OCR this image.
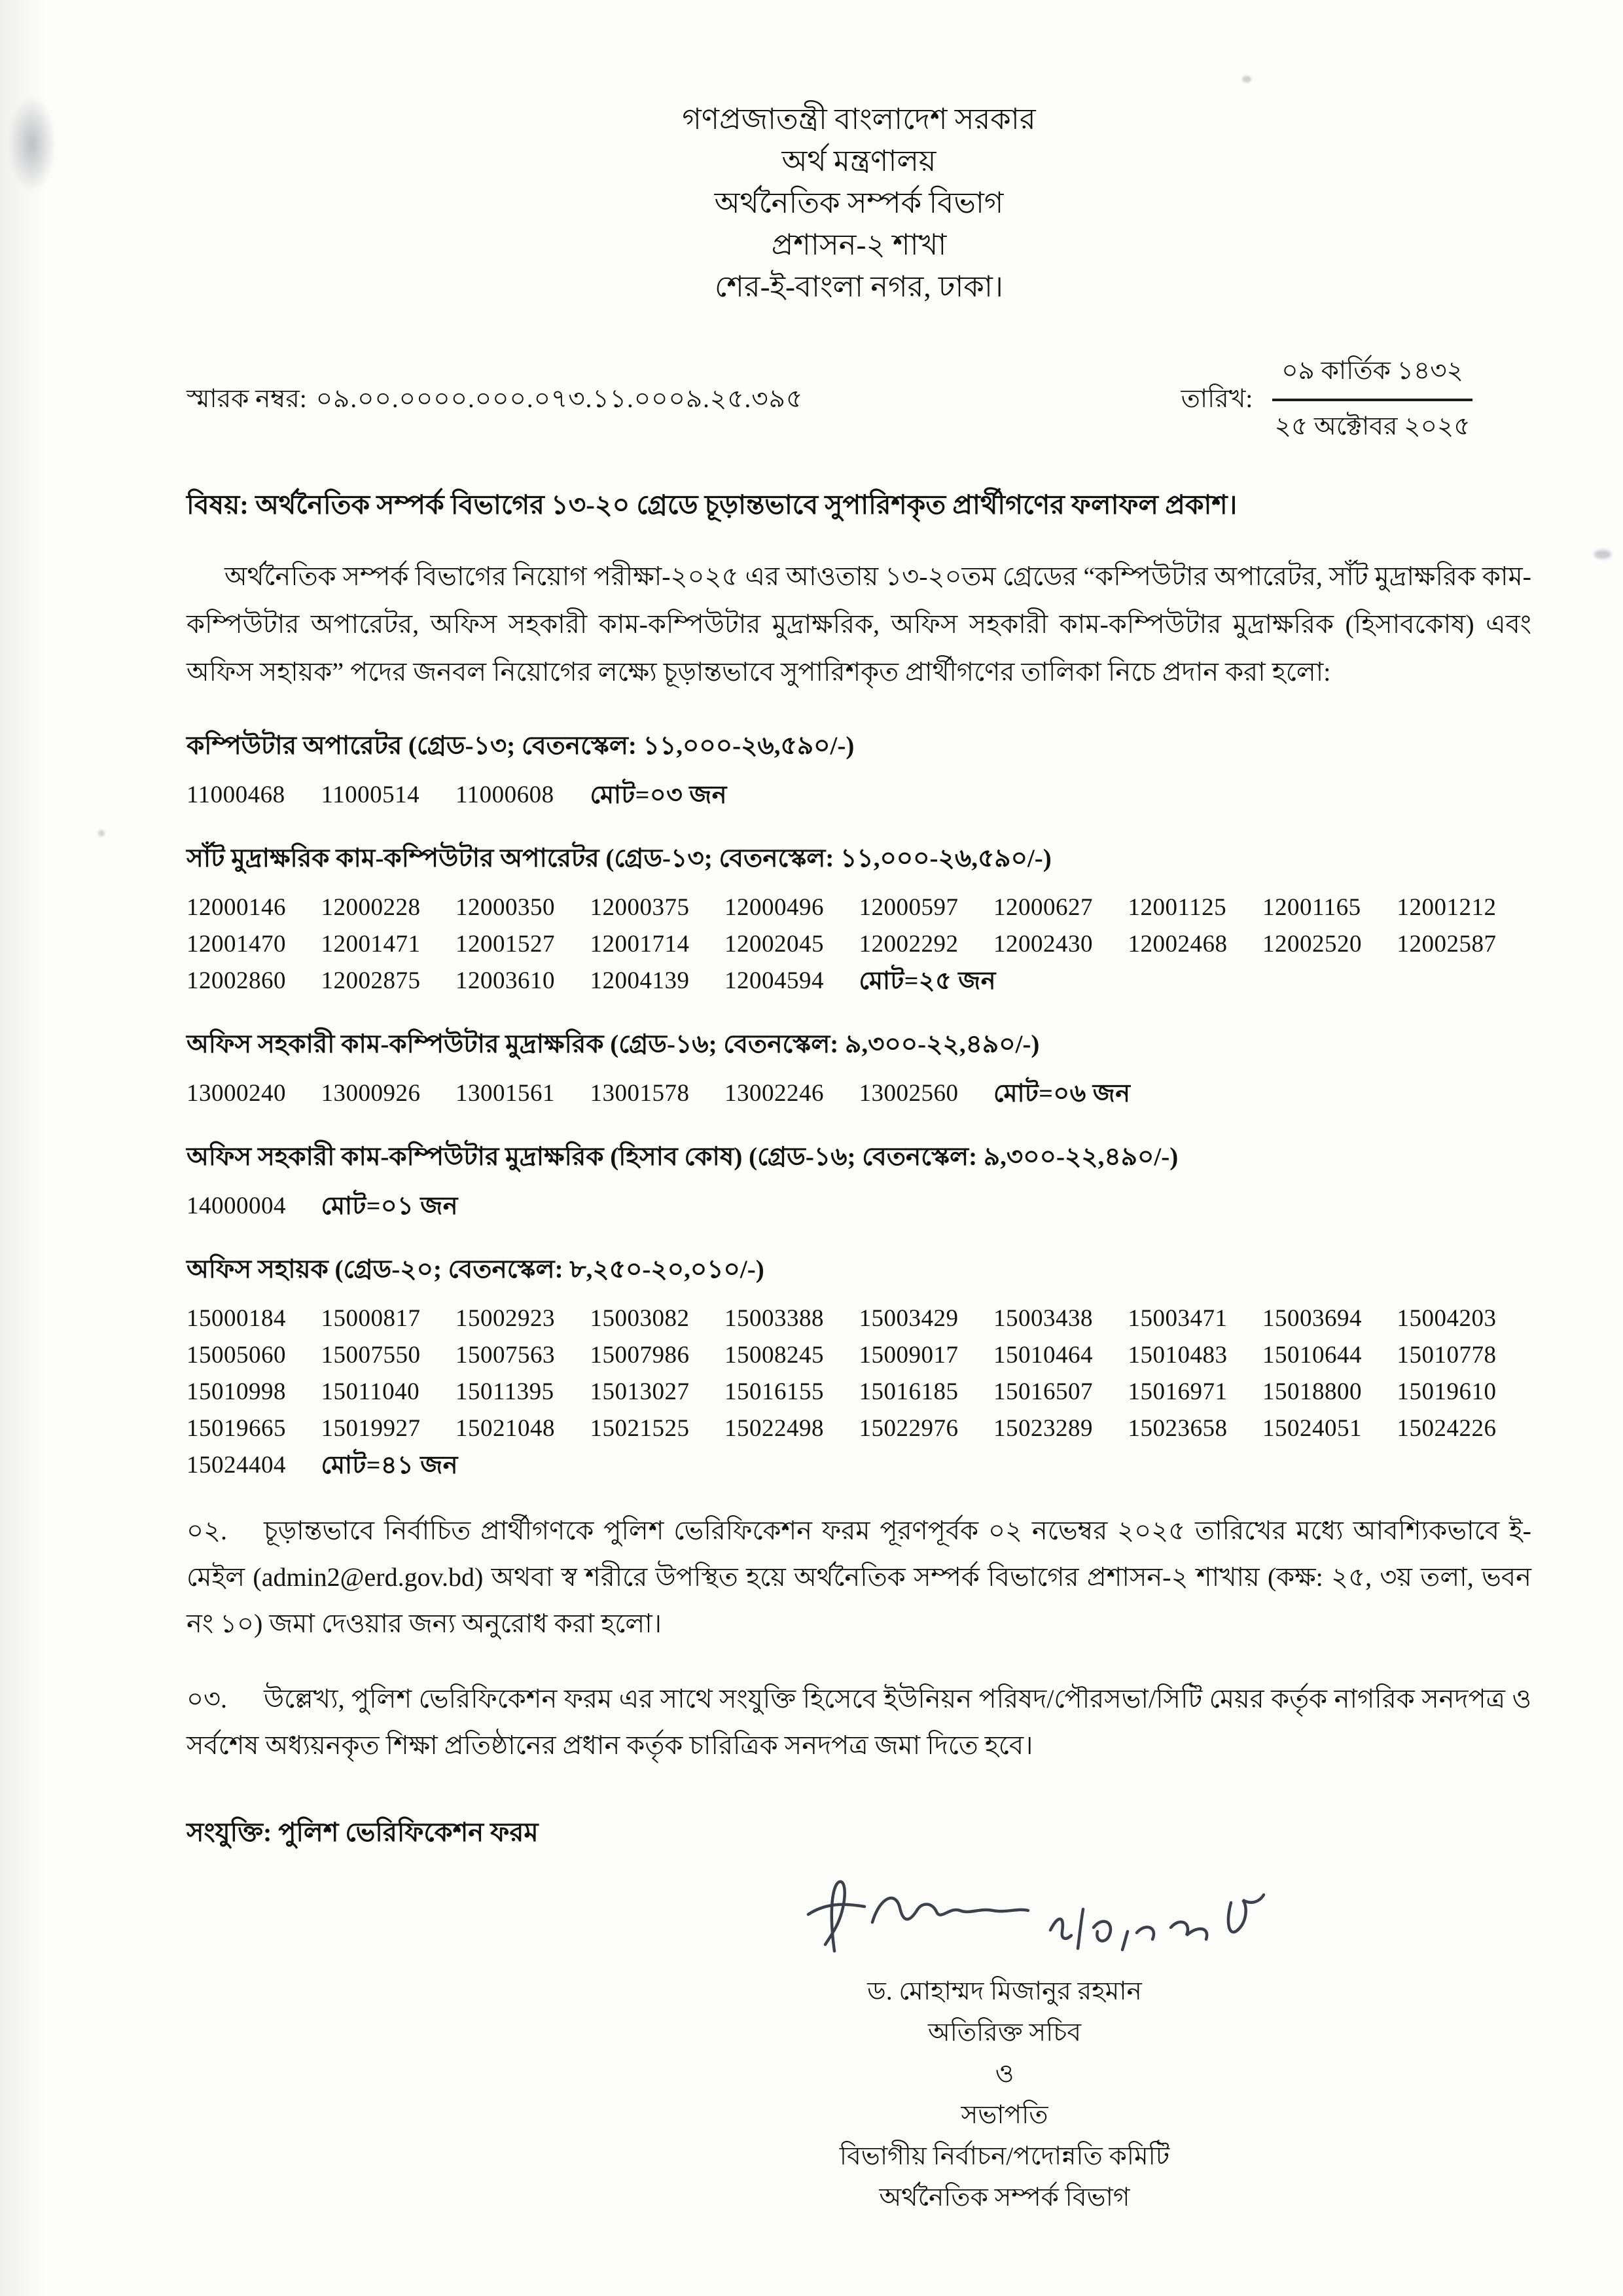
গণপ্রজাতন্ত্রী বাংলাদেশ সরকার
অর্থ মন্ত্রণালয়
অর্থনৈতিক সম্পর্ক বিভাগ
প্রশাসন-২ শাখা
শের-ই-বাংলা নগর, ঢাকা।
স্মারক নম্বর: ০৯.০০.০০০০.০০০.০৭৩.১১.০০০৯.২৫.৩৯৫	তারিখ: $\frac{\text{০৯ কার্তিক ১৪৩২}}{\text{২৫ অক্টোবর ২০২৫}}$
বিষয়: অর্থনৈতিক সম্পর্ক বিভাগের ১৩-২০ গ্রেডে চূড়ান্তভাবে সুপারিশকৃত প্রার্থীগণের ফলাফল প্রকাশ।

অর্থনৈতিক সম্পর্ক বিভাগের নিয়োগ পরীক্ষা-২০২৫ এর আওতায় ১৩-২০তম গ্রেডের “কম্পিউটার অপারেটর, সাঁট মুদ্রাক্ষরিক কাম-কম্পিউটার অপারেটর, অফিস সহকারী কাম-কম্পিউটার মুদ্রাক্ষরিক, অফিস সহকারী কাম-কম্পিউটার মুদ্রাক্ষরিক (হিসাবকোষ) এবং অফিস সহায়ক” পদের জনবল নিয়োগের লক্ষ্যে চূড়ান্তভাবে সুপারিশকৃত প্রার্থীগণের তালিকা নিচে প্রদান করা হলো:

কম্পিউটার অপারেটর (গ্রেড-১৩; বেতনস্কেল: ১১,০০০-২৬,৫৯০/-)
11000468	11000514	11000608	মোট=০৩ জন
সাঁট মুদ্রাক্ষরিক কাম-কম্পিউটার অপারেটর (গ্রেড-১৩; বেতনস্কেল: ১১,০০০-২৬,৫৯০/-)
12000146	12000228	12000350	12000375	12000496	12000597	12000627	12001125	12001165	12001212
12001470	12001471	12001527	12001714	12002045	12002292	12002430	12002468	12002520	12002587
12002860	12002875	12003610	12004139	12004594	মোট=২৫ জন
অফিস সহকারী কাম-কম্পিউটার মুদ্রাক্ষরিক (গ্রেড-১৬; বেতনস্কেল: ৯,৩০০-২২,৪৯০/-)
13000240	13000926	13001561	13001578	13002246	13002560	মোট=০৬ জন
অফিস সহকারী কাম-কম্পিউটার মুদ্রাক্ষরিক (হিসাব কোষ) (গ্রেড-১৬; বেতনস্কেল: ৯,৩০০-২২,৪৯০/-)
14000004	মোট=০১ জন
অফিস সহায়ক (গ্রেড-২০; বেতনস্কেল: ৮,২৫০-২০,০১০/-)
15000184	15000817	15002923	15003082	15003388	15003429	15003438	15003471	15003694	15004203
15005060	15007550	15007563	15007986	15008245	15009017	15010464	15010483	15010644	15010778
15010998	15011040	15011395	15013027	15016155	15016185	15016507	15016971	15018800	15019610
15019665	15019927	15021048	15021525	15022498	15022976	15023289	15023658	15024051	15024226
15024404	মোট=৪১ জন

০২. চূড়ান্তভাবে নির্বাচিত প্রার্থীগণকে পুলিশ ভেরিফিকেশন ফরম পূরণপূর্বক ০২ নভেম্বর ২০২৫ তারিখের মধ্যে আবশ্যিকভাবে ই-মেইল (admin2@erd.gov.bd) অথবা স্ব শরীরে উপস্থিত হয়ে অর্থনৈতিক সম্পর্ক বিভাগের প্রশাসন-২ শাখায় (কক্ষ: ২৫, ৩য় তলা, ভবন নং ১০) জমা দেওয়ার জন্য অনুরোধ করা হলো।

০৩. উল্লেখ্য, পুলিশ ভেরিফিকেশন ফরম এর সাথে সংযুক্তি হিসেবে ইউনিয়ন পরিষদ/পৌরসভা/সিটি মেয়র কর্তৃক নাগরিক সনদপত্র ও সর্বশেষ অধ্যয়নকৃত শিক্ষা প্রতিষ্ঠানের প্রধান কর্তৃক চারিত্রিক সনদপত্র জমা দিতে হবে।

সংযুক্তি: পুলিশ ভেরিফিকেশন ফরম
ড. মোহাম্মদ মিজানুর রহমান
অতিরিক্ত সচিব
ও
সভাপতি
বিভাগীয় নির্বাচন/পদোন্নতি কমিটি
অর্থনৈতিক সম্পর্ক বিভাগ
